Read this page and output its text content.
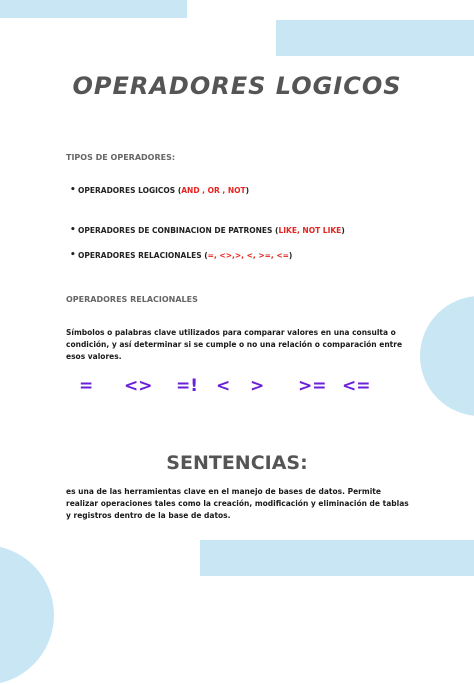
OPERADORES LOGICOS
TIPOS DE OPERADORES:
• OPERADORES LOGICOS (AND , OR , NOT)
• OPERADORES DE CONBINACION DE PATRONES (LIKE, NOT LIKE)
• OPERADORES RELACIONALES (=, <>,>, <, >=, <=)
OPERADORES RELACIONALES
Símbolos o palabras clave utilizados para comparar valores en una consulta o condición, y así determinar si se cumple o no una relación o comparación entre esos valores.
= <> =! < > >= <=
SENTENCIAS:
es una de las herramientas clave en el manejo de bases de datos. Permite realizar operaciones tales como la creación, modificación y eliminación de tablas y registros dentro de la base de datos.
